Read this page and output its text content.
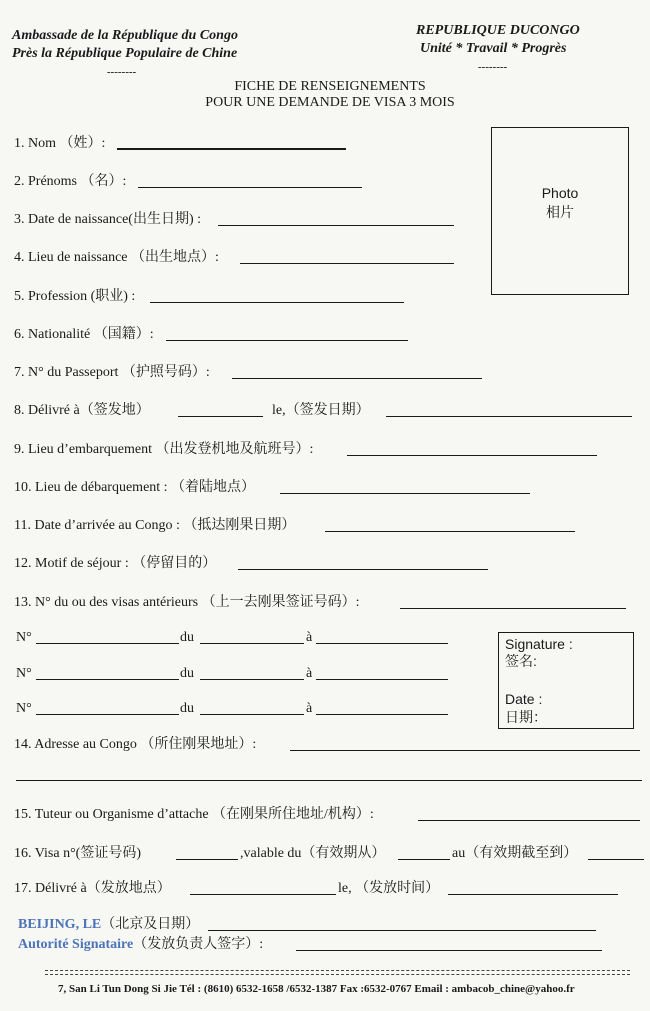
Ambassade de la République du Congo
Près la République Populaire de Chine
--------
REPUBLIQUE DUCONGO
Unité * Travail * Progrès
--------
FICHE DE RENSEIGNEMENTS
POUR UNE DEMANDE DE VISA 3 MOIS
Photo
相片
1. Nom （姓）:
2. Prénoms （名）:
3. Date de naissance(出生日期) :
4. Lieu de naissance （出生地点）:
5. Profession (职业) :
6. Nationalité （国籍）:
7. N° du Passeport （护照号码）:
8. Délivré à（签发地）	le,（签发日期）
9. Lieu d’embarquement （出发登机地及航班号）:
10. Lieu de débarquement : （着陆地点）
11. Date d’arrivée au Congo : （抵达刚果日期）
12. Motif de séjour : （停留目的）
13. N° du ou des visas antérieurs （上一去刚果签证号码）:
N°	du	à
N°	du	à
N°	du	à
Signature :
签名:
Date :
日期：
14. Adresse au Congo （所住刚果地址）:
15. Tuteur ou Organisme d’attache （在刚果所住地址/机构）:
16. Visa n°(签证号码)	,valable du（有效期从）	au（有效期截至到）
17. Délivré à（发放地点）	le, （发放时间）
BEIJING, LE（北京及日期）
Autorité Signataire（发放负责人签字）:
7, San Li Tun Dong Si Jie Tél : (8610) 6532-1658 /6532-1387 Fax :6532-0767 Email : ambacob_chine@yahoo.fr
